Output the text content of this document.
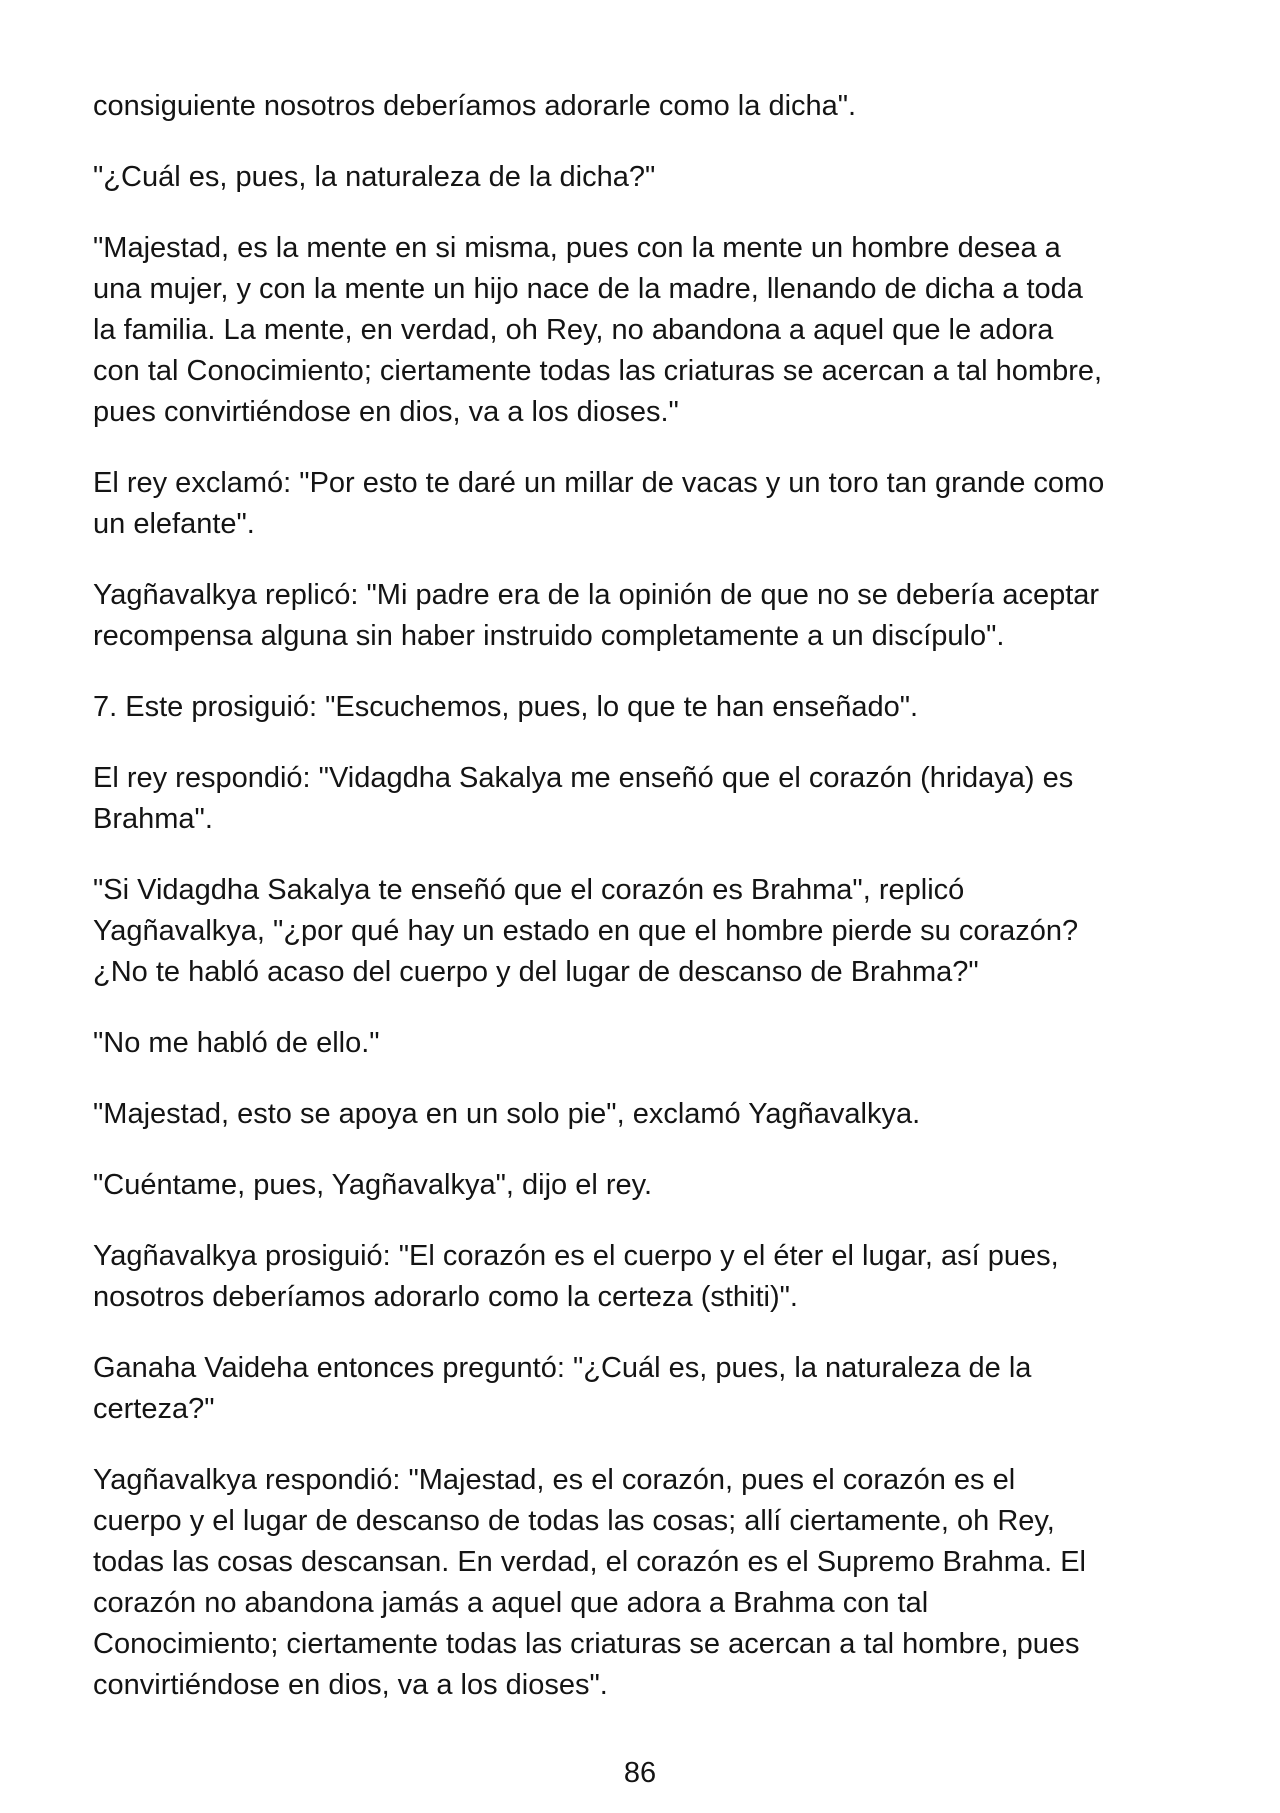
consiguiente nosotros deberíamos adorarle como la dicha".

"¿Cuál es, pues, la naturaleza de la dicha?"

"Majestad, es la mente en si misma, pues con la mente un hombre desea a
una mujer, y con la mente un hijo nace de la madre, llenando de dicha a toda
la familia. La mente, en verdad, oh Rey, no abandona a aquel que le adora
con tal Conocimiento; ciertamente todas las criaturas se acercan a tal hombre,
pues convirtiéndose en dios, va a los dioses."

El rey exclamó: "Por esto te daré un millar de vacas y un toro tan grande como
un elefante".

Yagñavalkya replicó: "Mi padre era de la opinión de que no se debería aceptar
recompensa alguna sin haber instruido completamente a un discípulo".

7. Este prosiguió: "Escuchemos, pues, lo que te han enseñado".

El rey respondió: "Vidagdha Sakalya me enseñó que el corazón (hridaya) es
Brahma".

"Si Vidagdha Sakalya te enseñó que el corazón es Brahma", replicó
Yagñavalkya, "¿por qué hay un estado en que el hombre pierde su corazón?
¿No te habló acaso del cuerpo y del lugar de descanso de Brahma?"

"No me habló de ello."

"Majestad, esto se apoya en un solo pie", exclamó Yagñavalkya.

"Cuéntame, pues, Yagñavalkya", dijo el rey.

Yagñavalkya prosiguió: "El corazón es el cuerpo y el éter el lugar, así pues,
nosotros deberíamos adorarlo como la certeza (sthiti)".

Ganaha Vaideha entonces preguntó: "¿Cuál es, pues, la naturaleza de la
certeza?"

Yagñavalkya respondió: "Majestad, es el corazón, pues el corazón es el
cuerpo y el lugar de descanso de todas las cosas; allí ciertamente, oh Rey,
todas las cosas descansan. En verdad, el corazón es el Supremo Brahma. El
corazón no abandona jamás a aquel que adora a Brahma con tal
Conocimiento; ciertamente todas las criaturas se acercan a tal hombre, pues
convirtiéndose en dios, va a los dioses".

86
